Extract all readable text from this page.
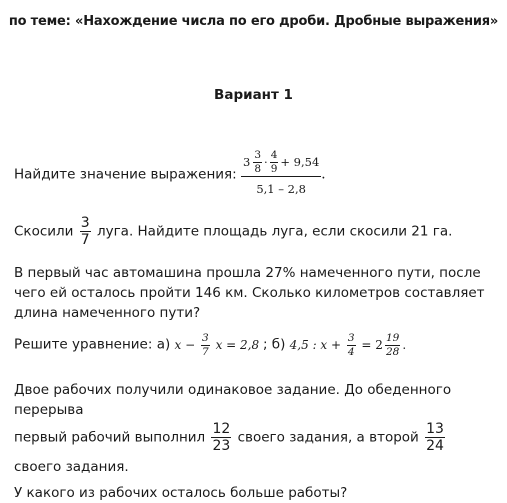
по теме: «Нахождение числа по его дроби. Дробные выражения»
Вариант 1
Найдите значение выражения:
$3 \frac{3}{8} \cdot \frac{4}{9} + 9,54$
5,1 – 2,8
.
Скосили $\frac{3}{7}$ луга. Найдите площадь луга, если скосили 21 га.
В первый час автомашина прошла 27% намеченного пути, после чего ей осталось пройти 146 км. Сколько километров составляет длина намеченного пути?
Решите уравнение: а) $x - \frac{3}{7}$ x = 2,8 ; б) 4,5 : $x + \frac{3}{4} = 2 \frac{19}{28}$ .
Двое рабочих получили одинаковое задание. До обеденного перерыва
первый рабочий выполнил $\frac{12}{23}$ своего задания, а второй $\frac{13}{24}$
своего задания.
У какого из рабочих осталось больше работы?
